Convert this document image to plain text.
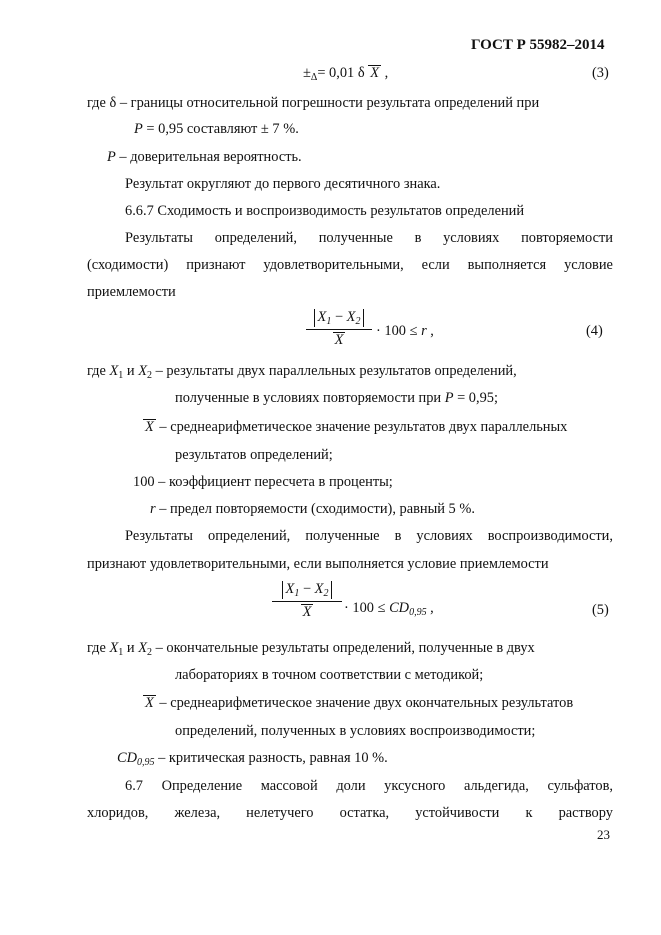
ГОСТ Р 55982–2014
$\pm_\Delta= 0,01$ δ X ,	(3)
где δ – границы относительной погрешности результата определений при
P = 0,95 составляют ± 7 %.
P – доверительная вероятность.
Результат округляют до первого десятичного знака.
6.6.7 Сходимость и воспроизводимость результатов определений
Результаты определений, полученные в условиях повторяемости
(сходимости) признают удовлетворительными, если выполняется условие
приемлемости
$X_1 - X_2$
X
· 100 ≤ r ,	(4)
где $X_1$ и $X_2$ – результаты двух параллельных результатов определений,
полученные в условиях повторяемости при P = 0,95;
X – среднеарифметическое значение результатов двух параллельных
результатов определений;
100 – коэффициент пересчета в проценты;
r – предел повторяемости (сходимости), равный 5 %.
Результаты определений, полученные в условиях воспроизводимости,
признают удовлетворительными, если выполняется условие приемлемости
$X_1 - X_2$
X	· $100 \le CD_{0,95}$ ,	(5)
где $X_1$ и $X_2$ – окончательные результаты определений, полученные в двух
лабораториях в точном соответствии с методикой;
X – среднеарифметическое значение двух окончательных результатов
определений, полученных в условиях воспроизводимости;
$CD_{0,95}$ – критическая разность, равная 10 %.
6.7 Определение массовой доли уксусного альдегида, сульфатов,
хлоридов, железа, нелетучего остатка, устойчивости к раствору
23
